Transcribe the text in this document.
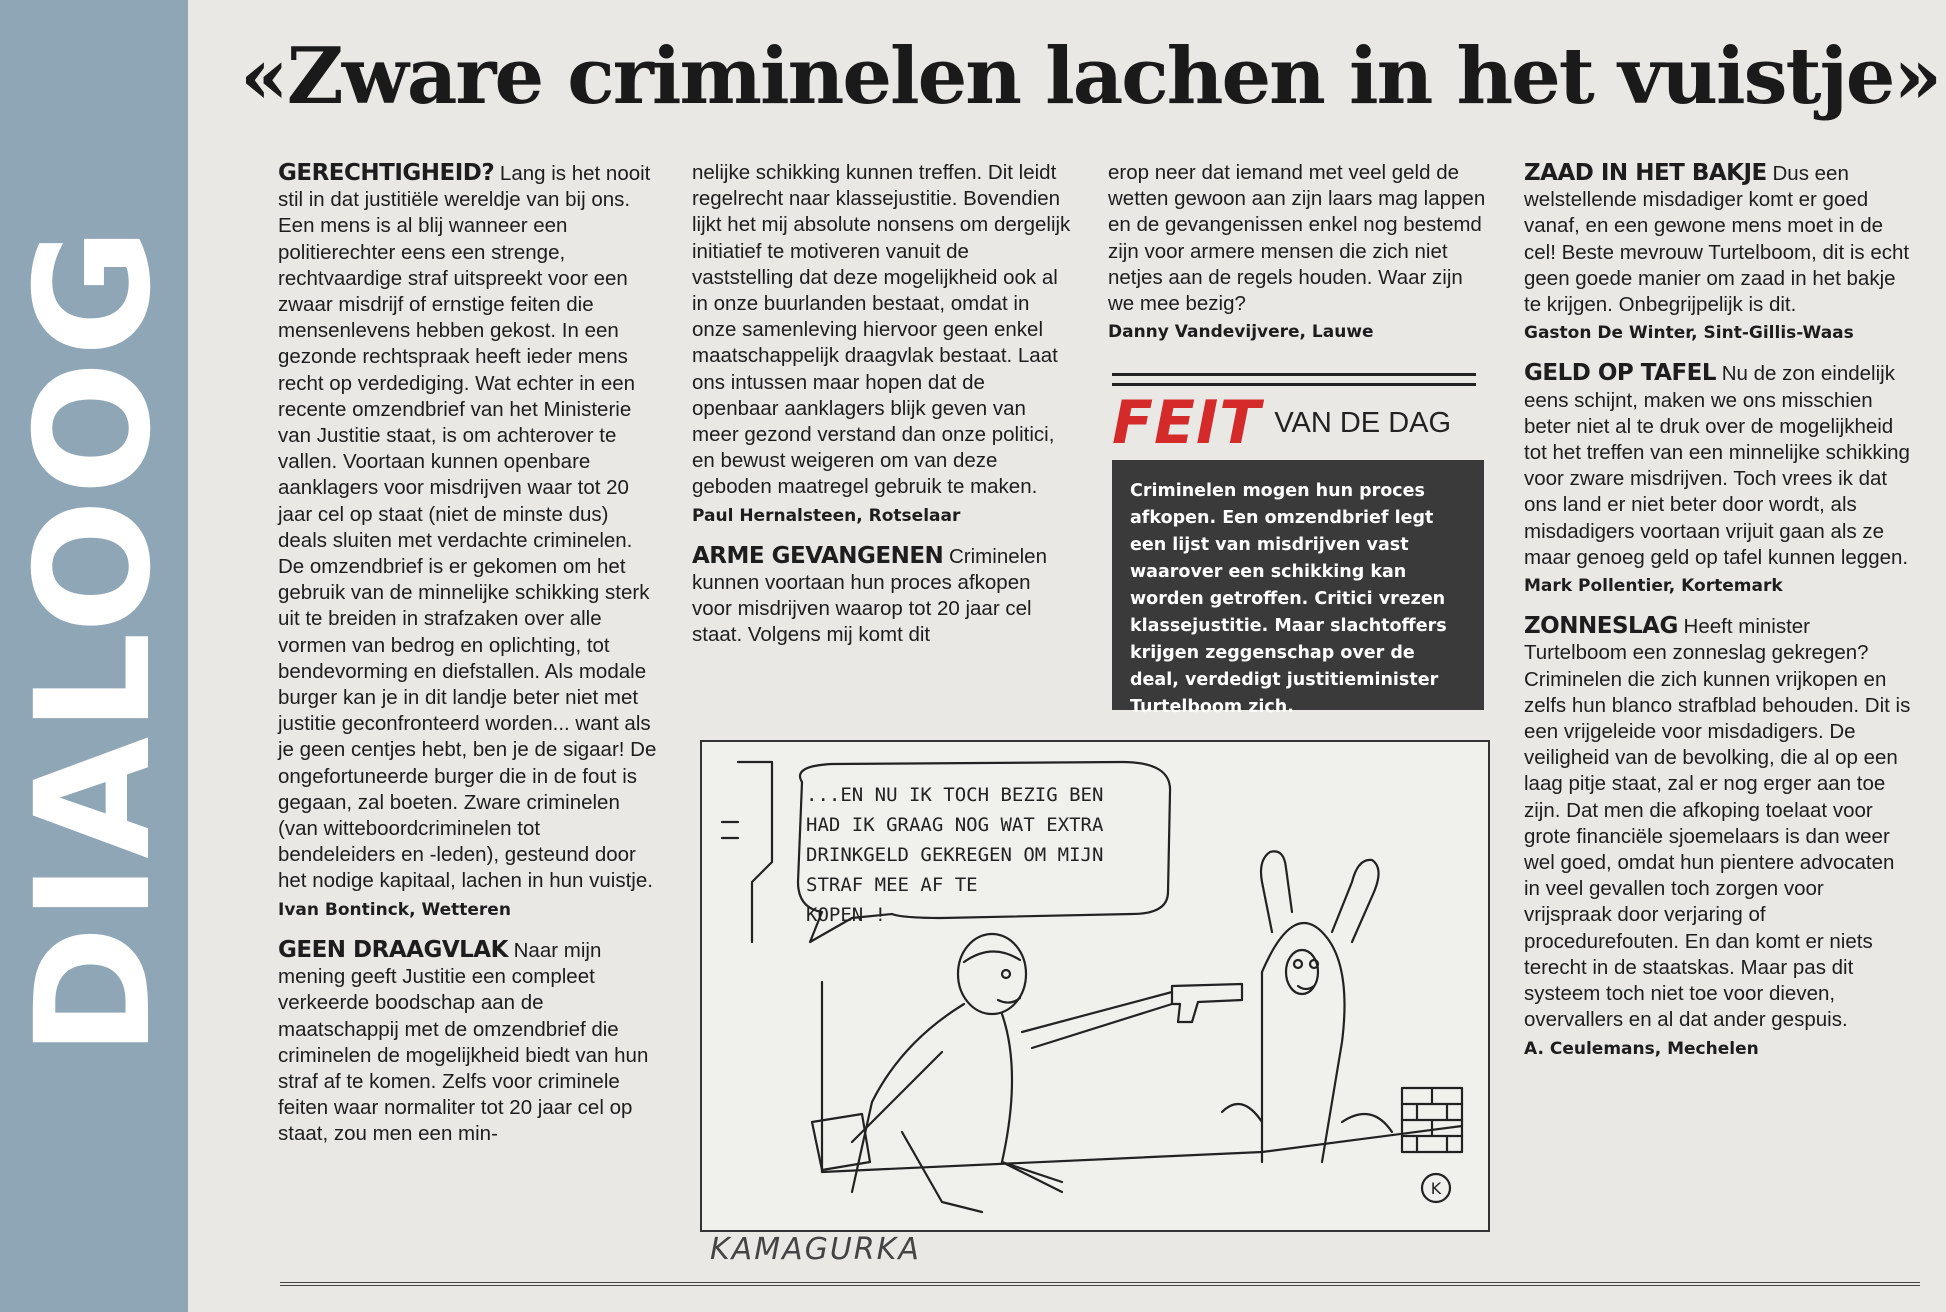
DIALOOG
«Zware criminelen lachen in het vuistje»

GERECHTIGHEID? Lang is het nooit stil in dat justitiële wereldje van bij ons. Een mens is al blij wanneer een politierechter eens een strenge, rechtvaardige straf uitspreekt voor een zwaar misdrijf of ernstige feiten die mensenlevens hebben gekost. In een gezonde rechtspraak heeft ieder mens recht op verdediging. Wat echter in een recente omzendbrief van het Ministerie van Justitie staat, is om achterover te vallen. Voortaan kunnen openbare aanklagers voor misdrijven waar tot 20 jaar cel op staat (niet de minste dus) deals sluiten met verdachte criminelen. De omzendbrief is er gekomen om het gebruik van de minnelijke schikking sterk uit te breiden in strafzaken over alle vormen van bedrog en oplichting, tot bendevorming en diefstallen. Als modale burger kan je in dit landje beter niet met justitie geconfronteerd worden... want als je geen centjes hebt, ben je de sigaar! De ongefortuneerde burger die in de fout is gegaan, zal boeten. Zware criminelen (van witteboordcriminelen tot bendeleiders en -leden), gesteund door het nodige kapitaal, lachen in hun vuistje.
Ivan Bontinck, Wetteren

GEEN DRAAGVLAK Naar mijn mening geeft Justitie een compleet verkeerde boodschap aan de maatschappij met de omzendbrief die criminelen de mogelijkheid biedt van hun straf af te komen. Zelfs voor criminele feiten waar normaliter tot 20 jaar cel op staat, zou men een min-

nelijke schikking kunnen treffen. Dit leidt regelrecht naar klassejustitie. Bovendien lijkt het mij absolute nonsens om dergelijk initiatief te motiveren vanuit de vaststelling dat deze mogelijkheid ook al in onze buurlanden bestaat, omdat in onze samenleving hiervoor geen enkel maatschappelijk draagvlak bestaat. Laat ons intussen maar hopen dat de openbaar aanklagers blijk geven van meer gezond verstand dan onze politici, en bewust weigeren om van deze geboden maatregel gebruik te maken.
Paul Hernalsteen, Rotselaar

ARME GEVANGENEN Criminelen kunnen voortaan hun proces afkopen voor misdrijven waarop tot 20 jaar cel staat. Volgens mij komt dit

erop neer dat iemand met veel geld de wetten gewoon aan zijn laars mag lappen en de gevangenissen enkel nog bestemd zijn voor armere mensen die zich niet netjes aan de regels houden. Waar zijn we mee bezig?
Danny Vandevijvere, Lauwe

FEIT VAN DE DAG
Criminelen mogen hun proces afkopen. Een omzendbrief legt een lijst van misdrijven vast waarover een schikking kan worden getroffen. Critici vrezen klassejustitie. Maar slachtoffers krijgen zeggenschap over de deal, verdedigt justitieminister Turtelboom zich.

ZAAD IN HET BAKJE Dus een welstellende misdadiger komt er goed vanaf, en een gewone mens moet in de cel! Beste mevrouw Turtelboom, dit is echt geen goede manier om zaad in het bakje te krijgen. Onbegrijpelijk is dit.
Gaston De Winter, Sint-Gillis-Waas

GELD OP TAFEL Nu de zon eindelijk eens schijnt, maken we ons misschien beter niet al te druk over de mogelijkheid tot het treffen van een minnelijke schikking voor zware misdrijven. Toch vrees ik dat ons land er niet beter door wordt, als misdadigers voortaan vrijuit gaan als ze maar genoeg geld op tafel kunnen leggen.
Mark Pollentier, Kortemark

ZONNESLAG Heeft minister Turtelboom een zonneslag gekregen? Criminelen die zich kunnen vrijkopen en zelfs hun blanco strafblad behouden. Dit is een vrijgeleide voor misdadigers. De veiligheid van de bevolking, die al op een laag pitje staat, zal er nog erger aan toe zijn. Dat men die afkoping toelaat voor grote financiële sjoemelaars is dan weer wel goed, omdat hun pientere advocaten in veel gevallen toch zorgen voor vrijspraak door verjaring of procedurefouten. En dan komt er niets terecht in de staatskas. Maar pas dit systeem toch niet toe voor dieven, overvallers en al dat ander gespuis.
A. Ceulemans, Mechelen

K
...EN NU IK TOCH BEZIG BEN
HAD IK GRAAG NOG WAT EXTRA
DRINKGELD GEKREGEN OM MIJN
STRAF MEE AF TE
KOPEN !
KAMAGURKA
